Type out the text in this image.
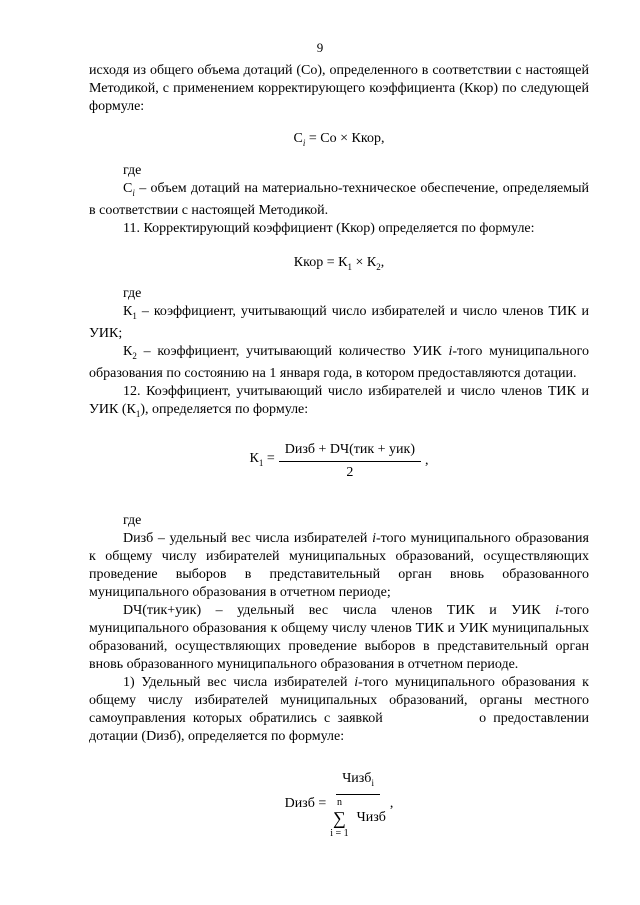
9

исходя из общего объема дотаций (Со), определенного в соответствии с настоящей Методикой, с применением корректирующего коэффициента (Ккор) по следующей формуле:

$С_i$ = Со × Ккор,

где

$С_i$ – объем дотаций на материально-техническое обеспечение, определяемый в соответствии с настоящей Методикой.

11. Корректирующий коэффициент (Ккор) определяется по формуле:

Ккор = $К_1 \times К_2$,

где

$К_1$ – коэффициент, учитывающий число избирателей и число членов ТИК и УИК;

$К_2$ – коэффициент, учитывающий количество УИК i-того муниципального образования по состоянию на 1 января года, в котором предоставляются дотации.

12. Коэффициент, учитывающий число избирателей и число членов ТИК и УИК $(К_1)$, определяется по формуле:

$К_1 = \frac{\text{Dизб + DЧ(тик + уик)}}{2}$ ,

где

Dизб – удельный вес числа избирателей i-того муниципального образования к общему числу избирателей муниципальных образований, осуществляющих проведение выборов в представительный орган вновь образованного муниципального образования в отчетном периоде;

DЧ(тик+уик) – удельный вес числа членов ТИК и УИК i-того муниципального образования к общему числу членов ТИК и УИК муниципальных образований, осуществляющих проведение выборов в представительный орган вновь образованного муниципального образования в отчетном периоде.

1) Удельный вес числа избирателей i-того муниципального образования к общему числу избирателей муниципальных образований, органы местного самоуправления которых обратились с заявкой	о предоставлении дотации (Dизб), определяется по формуле:

Dизб = Чизб$_i$
n
∑
i = 1
Чизб ,
